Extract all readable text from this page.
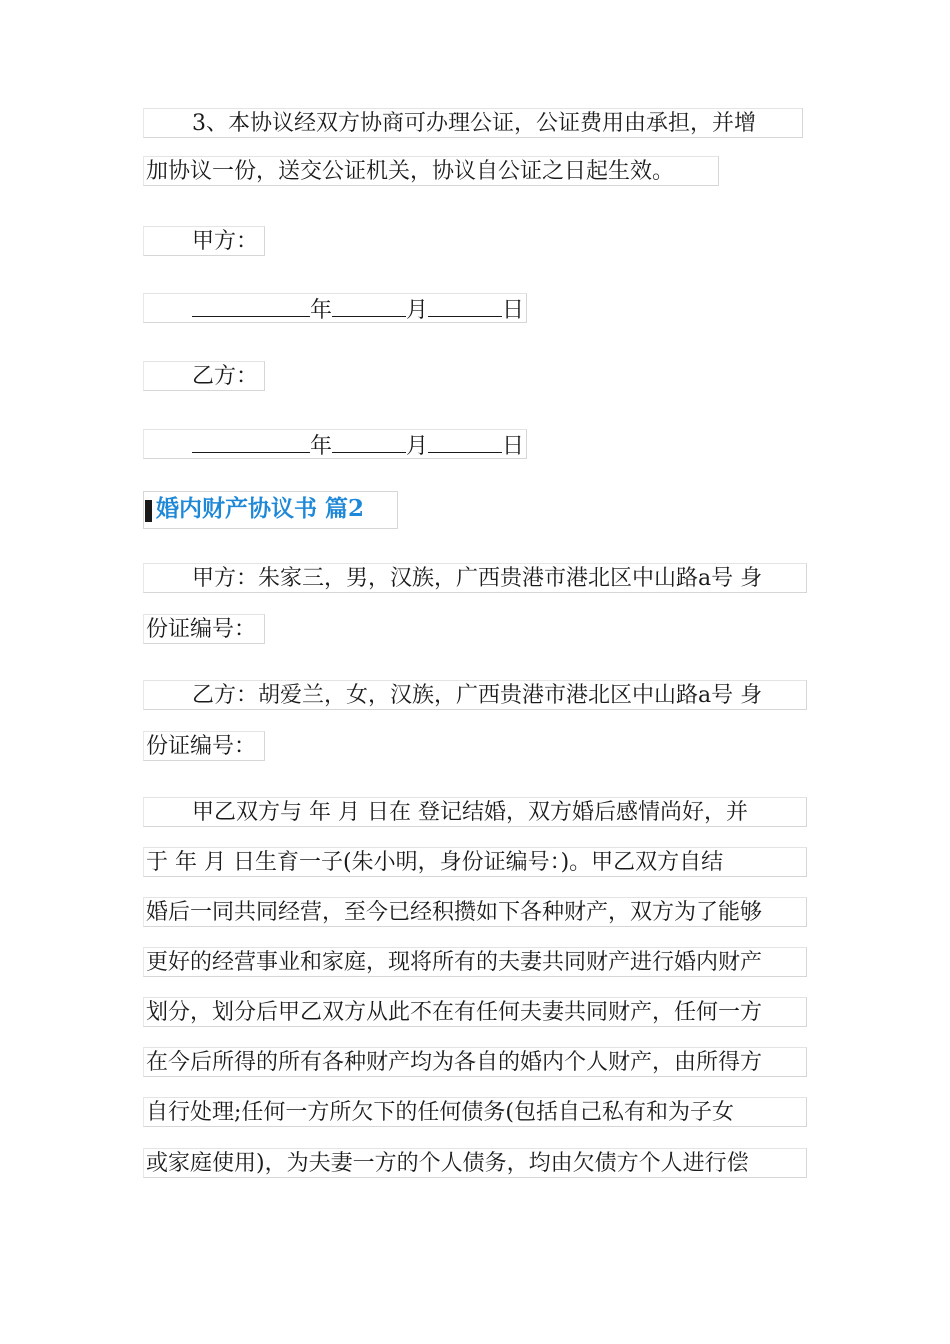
3、本协议经双方协商可办理公证，公证费用由承担，并增
加协议一份，送交公证机关，协议自公证之日起生效。
甲方：
年	月	日
乙方：
年	月	日
婚内财产协议书 篇2
甲方：朱家三，男，汉族，广西贵港市港北区中山路a号 身
份证编号：
乙方：胡爱兰，女，汉族，广西贵港市港北区中山路a号 身
份证编号：
甲乙双方与 年 月 日在 登记结婚，双方婚后感情尚好，并
于 年 月 日生育一子(朱小明，身份证编号：)。甲乙双方自结
婚后一同共同经营，至今已经积攒如下各种财产，双方为了能够
更好的经营事业和家庭，现将所有的夫妻共同财产进行婚内财产
划分，划分后甲乙双方从此不在有任何夫妻共同财产，任何一方
在今后所得的所有各种财产均为各自的婚内个人财产，由所得方
自行处理;任何一方所欠下的任何债务(包括自己私有和为子女
或家庭使用)，为夫妻一方的个人债务，均由欠债方个人进行偿
